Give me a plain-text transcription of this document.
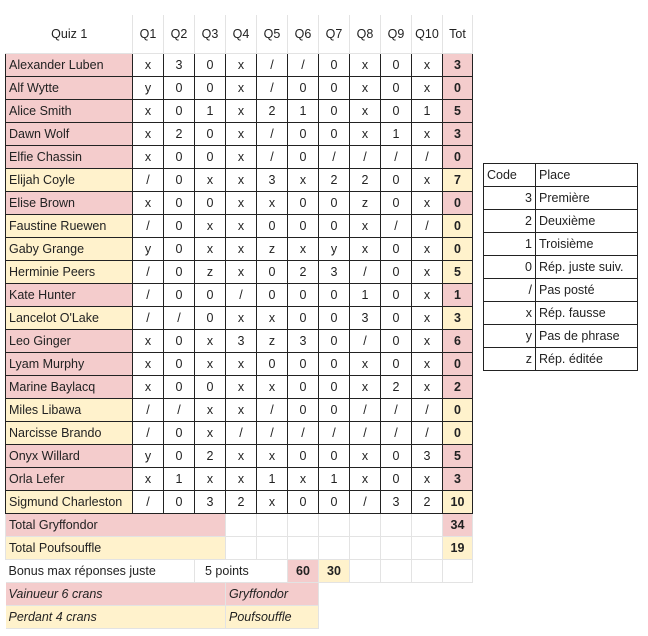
Quiz 1	Q1	Q2	Q3	Q4	Q5	Q6	Q7	Q8	Q9	Q10	Tot
Alexander Luben	x	3	0	x	/	/	0	x	0	x	3
Alf Wytte	y	0	0	x	/	0	0	x	0	x	0
Alice Smith	x	0	1	x	2	1	0	x	0	1	5
Dawn Wolf	x	2	0	x	/	0	0	x	1	x	3
Elfie Chassin	x	0	0	x	/	0	/	/	/	/	0
Elijah Coyle	/	0	x	x	3	x	2	2	0	x	7
Elise Brown	x	0	0	x	x	0	0	z	0	x	0
Faustine Ruewen	/	0	x	x	0	0	0	x	/	/	0
Gaby Grange	y	0	x	x	z	x	y	x	0	x	0
Herminie Peers	/	0	z	x	0	2	3	/	0	x	5
Kate Hunter	/	0	0	/	0	0	0	1	0	x	1
Lancelot O'Lake	/	/	0	x	x	0	0	3	0	x	3
Leo Ginger	x	0	x	3	z	3	0	/	0	x	6
Lyam Murphy	x	0	x	x	0	0	0	x	0	x	0
Marine Baylacq	x	0	0	x	x	0	0	x	2	x	2
Miles Libawa	/	/	x	x	/	0	0	/	/	/	0
Narcisse Brando	/	0	x	/	/	/	/	/	/	/	0
Onyx Willard	y	0	2	x	x	0	0	x	0	3	5
Orla Lefer	x	1	x	x	1	x	1	x	0	x	3
Sigmund Charleston	/	0	3	2	x	0	0	/	3	2	10
Total Gryffondor											34
Total Poufsouffle											19
Bonus max réponses juste			5 points			60	30				
Vainueur 6 crans				Gryffondor							
Perdant 4 crans				Poufsouffle							
Code	Place
3	Première
2	Deuxième
1	Troisième
0	Rép. juste suiv.
/	Pas posté
x	Rép. fausse
y	Pas de phrase
z	Rép. éditée
